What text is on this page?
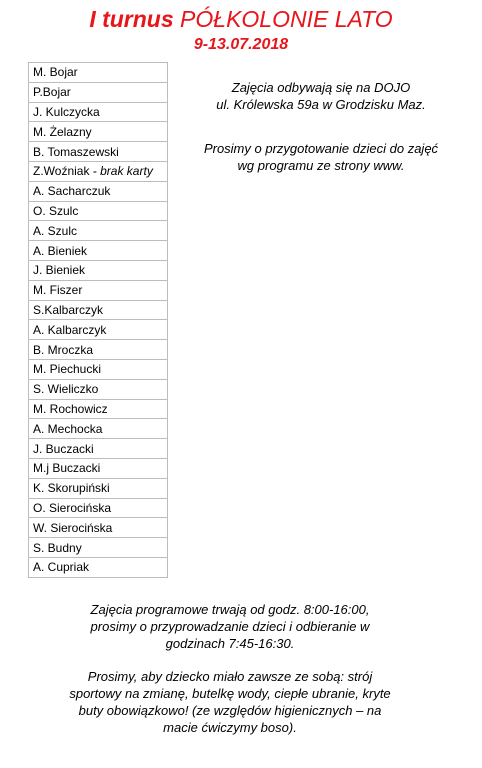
I turnus PÓŁKOLONIE LATO
9-13.07.2018
M. Bojar
P.Bojar
J. Kulczycka
M. Żelazny
B. Tomaszewski
Z.Woźniak - brak karty
A. Sacharczuk
O. Szulc
A. Szulc
A. Bieniek
J. Bieniek
M. Fiszer
S.Kalbarczyk
A. Kalbarczyk
B. Mroczka
M. Piechucki
S. Wieliczko
M. Rochowicz
A. Mechocka
J. Buczacki
M.j Buczacki
K. Skorupiński
O. Sierocińska
W. Sierocińska
S. Budny
A. Cupriak

Zajęcia odbywają się na DOJO

ul. Królewska 59a w Grodzisku Maz.

Prosimy o przygotowanie dzieci do zajęć

wg programu ze strony www.

Zajęcia programowe trwają od godz. 8:00-16:00,

prosimy o przyprowadzanie dzieci i odbieranie w

godzinach 7:45-16:30.

Prosimy, aby dziecko miało zawsze ze sobą: strój

sportowy na zmianę, butelkę wody, ciepłe ubranie, kryte

buty obowiązkowo! (ze względów higienicznych – na

macie ćwiczymy boso).
